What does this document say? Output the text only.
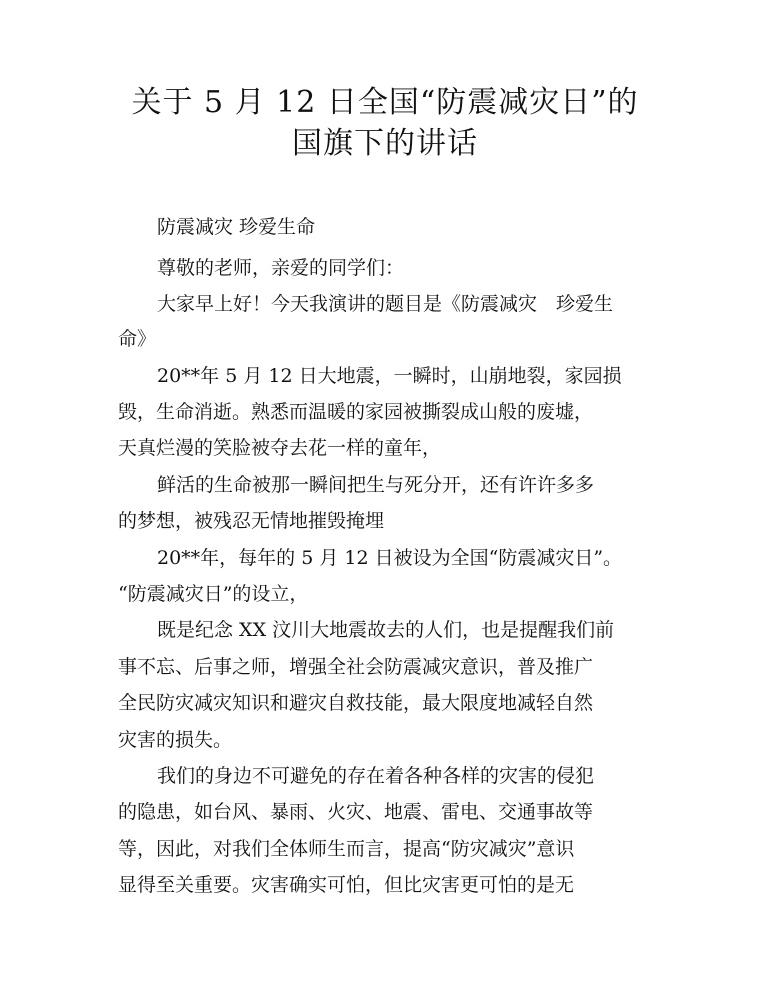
关于 5 月 12 日全国“防震减灾日”的
国旗下的讲话

防震减灾 珍爱生命

尊敬的老师，亲爱的同学们：

大家早上好！今天我演讲的题目是《防震减灾　珍爱生

命》

20**年 5 月 12 日大地震，一瞬时，山崩地裂，家园损

毁，生命消逝。熟悉而温暖的家园被撕裂成山般的废墟，

天真烂漫的笑脸被夺去花一样的童年，

鲜活的生命被那一瞬间把生与死分开，还有许许多多

的梦想，被残忍无情地摧毁掩埋

20**年，每年的 5 月 12 日被设为全国“防震减灾日”。

“防震减灾日”的设立，

既是纪念 XX 汶川大地震故去的人们，也是提醒我们前

事不忘、后事之师，增强全社会防震减灾意识，普及推广

全民防灾减灾知识和避灾自救技能，最大限度地减轻自然

灾害的损失。

我们的身边不可避免的存在着各种各样的灾害的侵犯

的隐患，如台风、暴雨、火灾、地震、雷电、交通事故等

等，因此，对我们全体师生而言，提高“防灾减灾”意识

显得至关重要。灾害确实可怕，但比灾害更可怕的是无
